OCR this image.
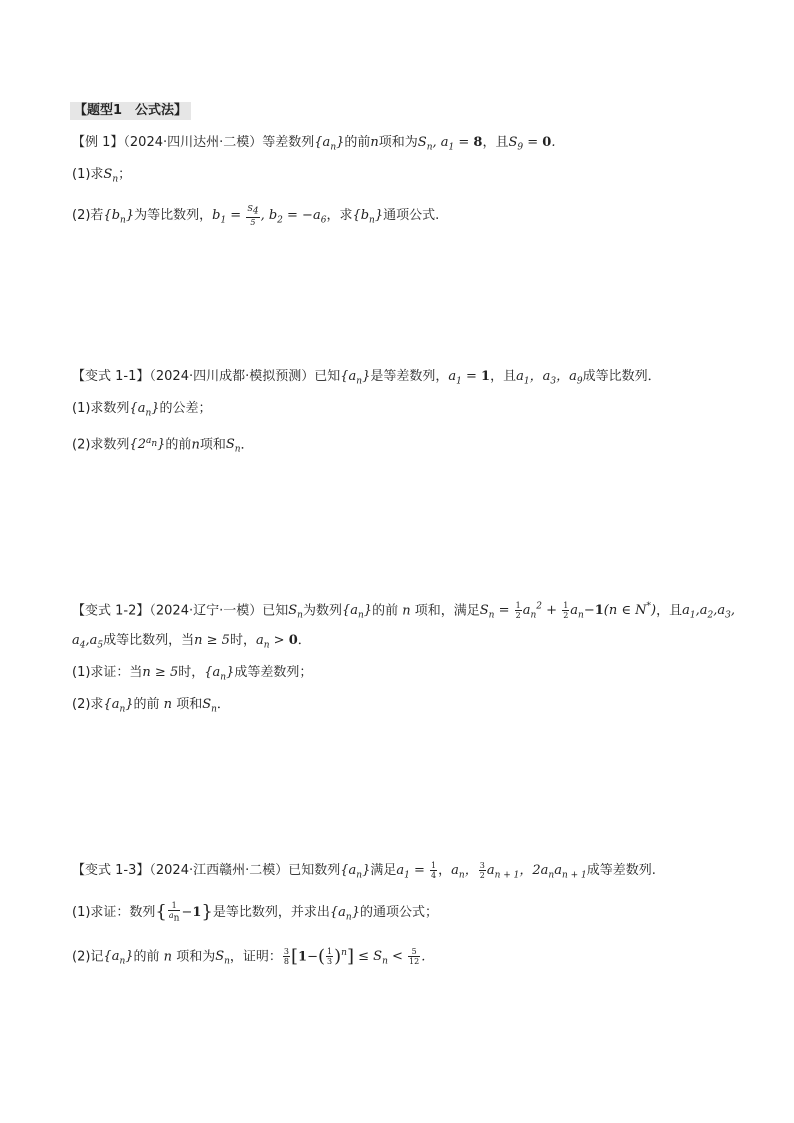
【题型1　公式法】
【例 1】（2024·四川达州·二模）等差数列$\{a_n\}$的前n项和为$S_n$, $a_1 = 8$，且$S_9 = 0$.
(1)求$S_n$；
(2)若$\{b_n\}$为等比数列，$b_1 = \frac{S_4}{5}$ , $b_2 = -a_6$，求$\{b_n\}$通项公式.
【变式 1-1】（2024·四川成都·模拟预测）已知$\{a_n\}$是等差数列，$a_1 = 1$，且$a_1$，$a_3$，$a_9$成等比数列．
(1)求数列$\{a_n\}$的公差；
(2)求数列$\{2^{a_n}\}$的前n项和$S_n$．
【变式 1-2】（2024·辽宁·一模）已知$S_n$为数列$\{a_n\}$的前 n 项和，满足$S_n = \frac{1}{2} a_n^2 + \frac{1}{2} a_n-1(n$ ∈ N*)，且$a_1,a_2,a_3$,
$a_4,a_5$成等比数列，当n ≥ 5时，$a_n > 0$．
(1)求证：当n ≥ 5时，$\{a_n\}$成等差数列；
(2)求$\{a_n\}$的前 n 项和$S_n$．
【变式 1-3】（2024·江西赣州·二模）已知数列$\{a_n\}$满足$a_1 = \frac{1}{4}$ ，$a_n$， $\frac{3}{2} a_{n + 1}$，$2a_na_{n + 1}$成等差数列.
(1)求证：数列{ $\frac{1}{a_n} -1$}是等比数列，并求出$\{a_n\}$的通项公式；
(2)记$\{a_n\}$的前 n 项和为$S_n$，证明： $\frac{3}{8} [1-( \frac{1}{3} )^n] \le S_n < \frac{5}{12}$ .
